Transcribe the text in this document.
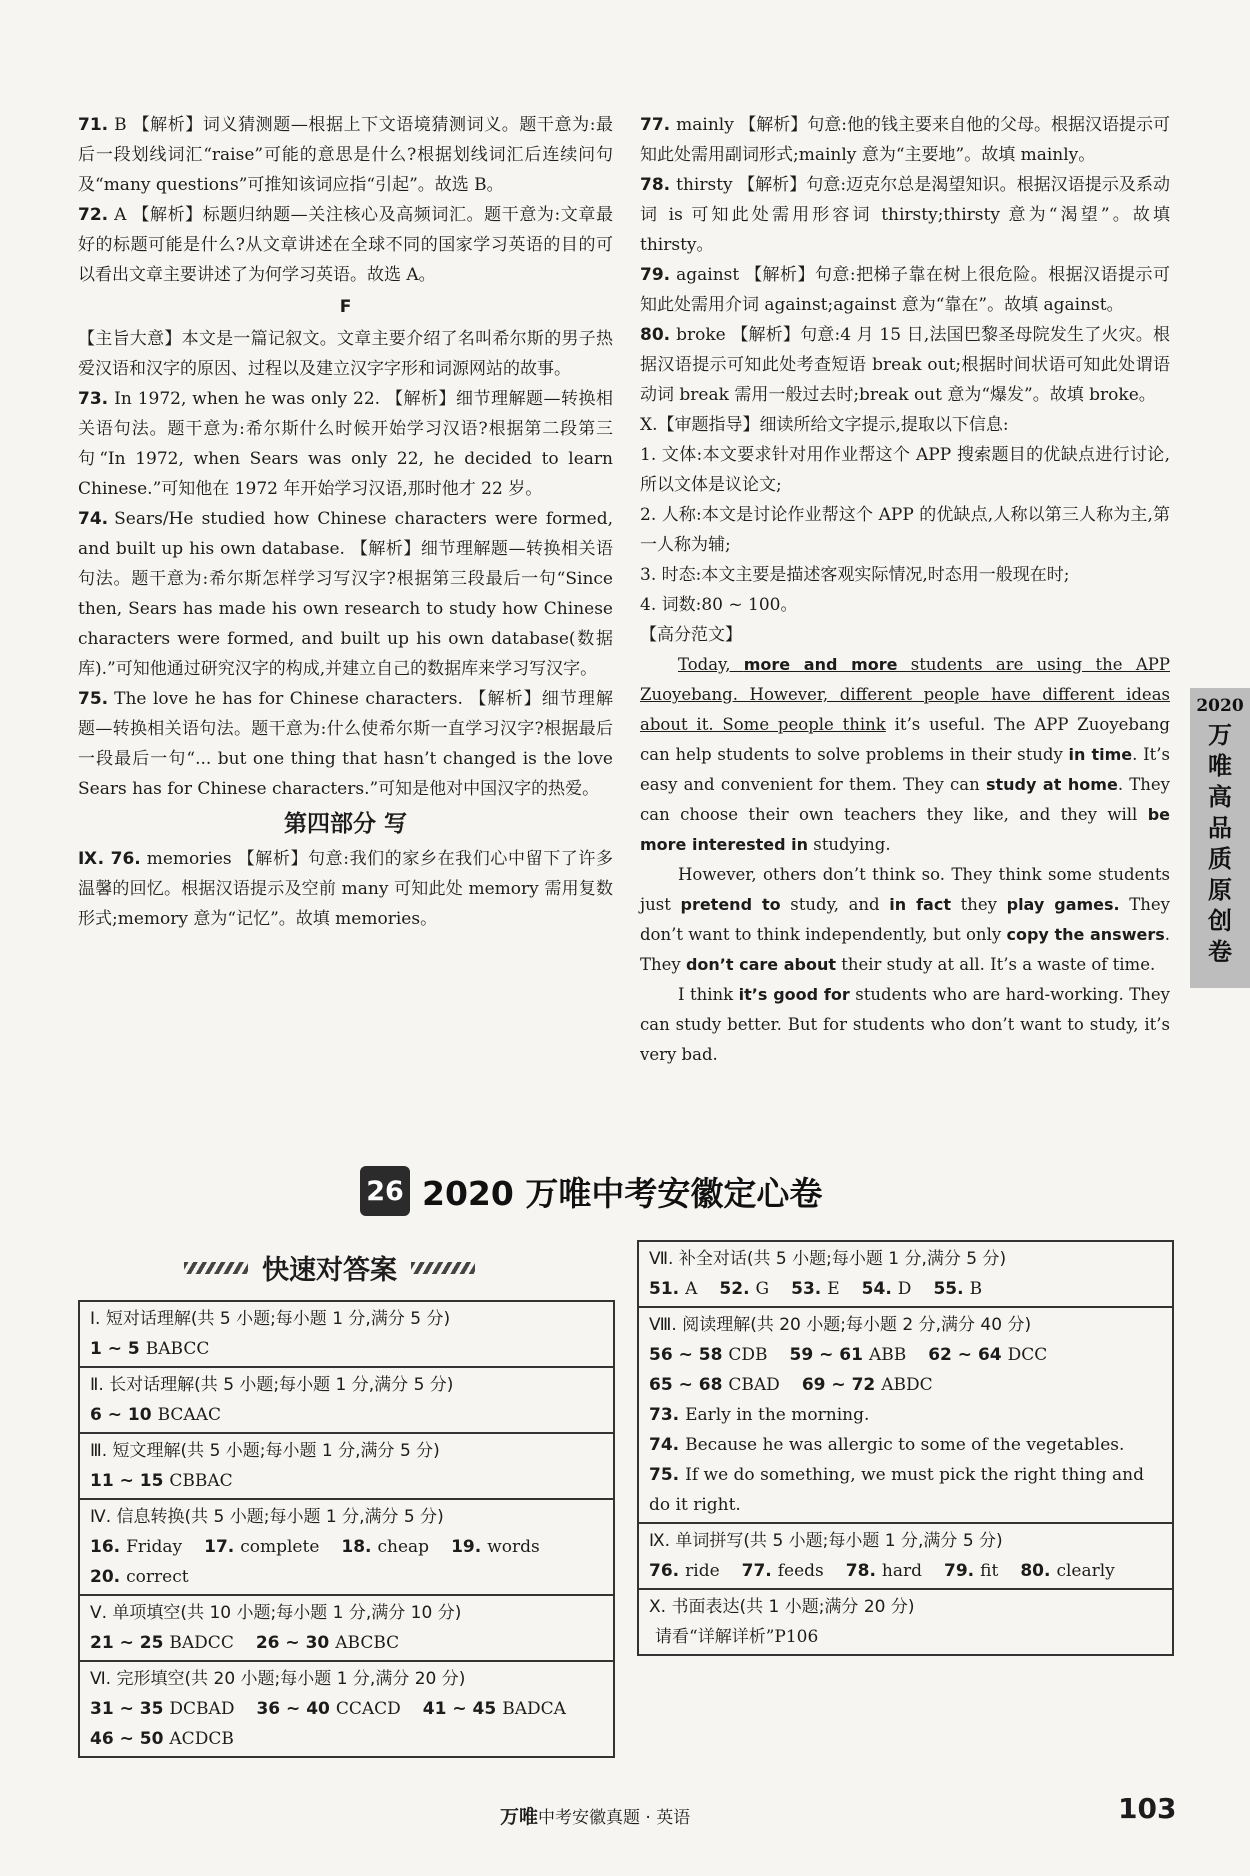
71. B 【解析】词义猜测题—根据上下文语境猜测词义。题干意为:最后一段划线词汇“raise”可能的意思是什么?根据划线词汇后连续问句及“many questions”可推知该词应指“引起”。故选 B。

72. A 【解析】标题归纳题—关注核心及高频词汇。题干意为:文章最好的标题可能是什么?从文章讲述在全球不同的国家学习英语的目的可以看出文章主要讲述了为何学习英语。故选 A。

F

【主旨大意】本文是一篇记叙文。文章主要介绍了名叫希尔斯的男子热爱汉语和汉字的原因、过程以及建立汉字字形和词源网站的故事。

73. In 1972, when he was only 22. 【解析】细节理解题—转换相关语句法。题干意为:希尔斯什么时候开始学习汉语?根据第二段第三句“In 1972, when Sears was only 22, he decided to learn Chinese.”可知他在 1972 年开始学习汉语,那时他才 22 岁。

74. Sears/He studied how Chinese characters were formed, and built up his own database. 【解析】细节理解题—转换相关语句法。题干意为:希尔斯怎样学习写汉字?根据第三段最后一句“Since then, Sears has made his own research to study how Chinese characters were formed, and built up his own database(数据库).”可知他通过研究汉字的构成,并建立自己的数据库来学习写汉字。

75. The love he has for Chinese characters. 【解析】细节理解题—转换相关语句法。题干意为:什么使希尔斯一直学习汉字?根据最后一段最后一句“... but one thing that hasn’t changed is the love Sears has for Chinese characters.”可知是他对中国汉字的热爱。

第四部分 写

Ⅸ. 76. memories 【解析】句意:我们的家乡在我们心中留下了许多温馨的回忆。根据汉语提示及空前 many 可知此处 memory 需用复数形式;memory 意为“记忆”。故填 memories。

77. mainly 【解析】句意:他的钱主要来自他的父母。根据汉语提示可知此处需用副词形式;mainly 意为“主要地”。故填 mainly。

78. thirsty 【解析】句意:迈克尔总是渴望知识。根据汉语提示及系动词 is 可知此处需用形容词 thirsty;thirsty 意为“渴望”。故填 thirsty。

79. against 【解析】句意:把梯子靠在树上很危险。根据汉语提示可知此处需用介词 against;against 意为“靠在”。故填 against。

80. broke 【解析】句意:4 月 15 日,法国巴黎圣母院发生了火灾。根据汉语提示可知此处考查短语 break out;根据时间状语可知此处谓语动词 break 需用一般过去时;break out 意为“爆发”。故填 broke。

Ⅹ.【审题指导】细读所给文字提示,提取以下信息:

1. 文体:本文要求针对用作业帮这个 APP 搜索题目的优缺点进行讨论,所以文体是议论文;

2. 人称:本文是讨论作业帮这个 APP 的优缺点,人称以第三人称为主,第一人称为辅;

3. 时态:本文主要是描述客观实际情况,时态用一般现在时;

4. 词数:80 ~ 100。

【高分范文】

Today, more and more students are using the APP Zuoyebang. However, different people have different ideas about it. Some people think it’s useful. The APP Zuoyebang can help students to solve problems in their study in time. It’s easy and convenient for them. They can study at home. They can choose their own teachers they like, and they will be more interested in studying.

However, others don’t think so. They think some students just pretend to study, and in fact they play games. They don’t want to think independently, but only copy the answers. They don’t care about their study at all. It’s a waste of time.

I think it’s good for students who are hard-working. They can study better. But for students who don’t want to study, it’s very bad.

2020
万唯高品质原创卷
26 2020 万唯中考安徽定心卷
快速对答案
Ⅰ. 短对话理解(共 5 小题;每小题 1 分,满分 5 分)
1 ~ 5 BABCC
Ⅱ. 长对话理解(共 5 小题;每小题 1 分,满分 5 分)
6 ~ 10 BCAAC
Ⅲ. 短文理解(共 5 小题;每小题 1 分,满分 5 分)
11 ~ 15 CBBAC
Ⅳ. 信息转换(共 5 小题;每小题 1 分,满分 5 分)
16. Friday 17. complete 18. cheap 19. words
20. correct
Ⅴ. 单项填空(共 10 小题;每小题 1 分,满分 10 分)
21 ~ 25 BADCC 26 ~ 30 ABCBC
Ⅵ. 完形填空(共 20 小题;每小题 1 分,满分 20 分)
31 ~ 35 DCBAD 36 ~ 40 CCACD 41 ~ 45 BADCA
46 ~ 50 ACDCB
Ⅶ. 补全对话(共 5 小题;每小题 1 分,满分 5 分)
51. A 52. G 53. E 54. D 55. B
Ⅷ. 阅读理解(共 20 小题;每小题 2 分,满分 40 分)
56 ~ 58 CDB 59 ~ 61 ABB 62 ~ 64 DCC
65 ~ 68 CBAD 69 ~ 72 ABDC
73. Early in the morning.
74. Because he was allergic to some of the vegetables.
75. If we do something, we must pick the right thing and do it right.
Ⅸ. 单词拼写(共 5 小题;每小题 1 分,满分 5 分)
76. ride 77. feeds 78. hard 79. fit 80. clearly
Ⅹ. 书面表达(共 1 小题;满分 20 分)
请看“详解详析”P106
万唯中考安徽真题 · 英语	103
